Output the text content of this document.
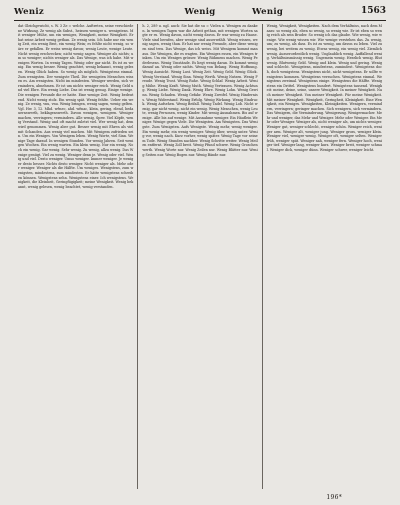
Weniz	Wenig	Wenig	1563

dat Gleichgewicht, s. W. 3 Ze = welche. Auftreten, seine verschiedene Wirkung. Ze wenig als Subst., heissen weniger u. wenigstens. Mit weniger Mühe, um ein weniges, Wenigkeit, meine Wenigkeit. Er hat seine Arbeit wenig gethan. Ze wenig sein. Ich habe nur ein wenig Zeit, ein wenig Brot, ein wenig Wein; es fehlte nicht wenig, so wäre er gefallen. Er weiss wenig davon; wenig Leute, wenige Leute. Nicht wenig erschrecken; nicht wenig sagen. Weniger als nichts; um so weniger; nichts weniger als. Das Wenige, was ich habe. Mit wenigen Worten. In wenig Tagen. Wenig oder gar nicht. Es ist zu wenig. Ein wenig besser. Wenig geachtet, wenig bekannt, wenig gelesen. Wenig Glück haben. So wenig als möglich. Wenigstens einmal. Zum wenigsten. Der wenigste Theil. Die wenigsten Menschen wissen es. Am wenigsten. Nicht im mindesten. Weniger werden, sich vermindern, abnehmen. Er ist um nichts weniger reich. Wenig Geld und viel Ehre. Ein wenig Liebe. Das ist wenig genug. Einige wenige. Die wenigen Freunde die er hatte. Eine wenige Zeit. Wenig bedeutend. Nicht wenig stolz. Ein wenig spät. Wenig fehlte. Ueber ein wenig. Ze wenig, vnu, vnu. Wenig bringen, wenig sagen, wenig gelten. Vgl. Hw. 3, 12. Mhd. wênec, ahd. wênac, klein, gering, elend, bedauernswerth, beklagenswerth. Davon wenigen, wenigern. Weniger machen, verringern; vermindern. Alle wenig, Sprw. Viel Köpfe, wenig Verstand. Wenig und oft macht zuletzt viel. Wer wenig hat, dem wird genommen. Wenig aber gut. Besser wenig mit Ehren als viel mit Schanden. Aus wenig viel machen. Mit Wenigem zufrieden sein. Um ein Weniges. Von Wenigem leben. Wenig Worte, viel Sinn. Wenige Tage darauf. In wenigen Stunden. Vor wenig Jahren. Seit wenigen Wochen. Ein wenig warten. Ein klein wenig. Nur ein wenig. Noch ein wenig. Gar wenig. Sehr wenig. Zu wenig, allzu wenig. Das Wenige genügt. Viel zu wenig. Weniger denn je. Wenig oder viel. Wenig und viel. Desto weniger. Umso weniger. Immer weniger. Je weniger desto besser. Nichts desto weniger. Nicht weniger als. Mehr oder weniger. Weniger als die Hälfte. Um weniges. Wenigstens, zum wenigsten, mindestens, zum mindesten. Er hätte wenigstens schreiben können. Wenigstens zehn. Wenigstens einer. Ich wenigstens. Wenigkeit, die Kleinheit, Geringfügigkeit; meine Wenigkeit. Wenig bekannt, wenig gelesen, wenig beachtet, wenig verstanden.

h. 2, 289 u. ngl. auch: Sie hat die su = Vielen u. Wenigen zu danken. In wenigen Tagen war die Arbeit gethan, mit wenigen Worten sagte er es. Wenig davon, nicht wenig davon. Er war wenig zu Hause. Viele sind berufen, aber wenige sind auserwählt. Wenig wissen, wenig sagen, wenig thun. Er hat nur wenig Freunde, aber diese wenigen sind treu. Das Wenige, das ich weiss. Mit Wenigem kommt man aus. Die Wenigen, die es wagten. Ein Weniges essen, ein Weniges trinken. Um ein Weniges grösser. Wenig Rühmens machen. Wenig Federlesens. Wenig Umstände. Es liegt wenig daran. Es kommt wenig darauf an. Wenig oder nichts. Wenig von Belang. Wenig Hoffnung. Wenig Aussicht. Wenig Lust. Wenig Zeit. Wenig Geld. Wenig Glück. Wenig Verstand. Wenig Sinn. Wenig Werth. Wenig Nutzen. Wenig Freude. Wenig Trost. Wenig Ruhe. Wenig Schlaf. Wenig Arbeit. Wenig Mühe. Wenig Kraft. Wenig Muth. Wenig Vertrauen. Wenig Achtung. Wenig Liebe. Wenig Dank. Wenig Ehre. Wenig Lohn. Wenig Gewinn. Wenig Schaden. Wenig Gefahr. Wenig Zweifel. Wenig Hinderniss. Wenig Widerstand. Wenig Erfolg. Wenig Wirkung. Wenig Eindruck. Wenig Aufsehen. Wenig Beifall. Wenig Tadel. Wenig Lob. Nicht wenig, gar nicht wenig, nicht ein wenig. Wenig Menschen, wenig Leute, wenig Personen, wenig Kinder. Mit wenig Ausnahmen. Bis auf wenige. Alle bis auf wenige. Mit Ausnahme weniger. Ein Häuflein Weniger. Wenige gegen Viele. Die Wenigsten. Am Wenigsten. Das Wenigste. Zum Wenigsten. Aufs Wenigste. Wenig mehr, wenig weniger. Ein wenig mehr, ein wenig weniger. Wenig über, wenig unter. Wenig vor, wenig nach. Kurz vorher, wenig später. Wenig Tage vor seinem Tode. Wenig Stunden nachher. Wenig Schritte weiter. Wenig Meilen entfernt. Wenig Zoll breit. Wenig Pfund schwer. Wenig Groschen werth. Wenig Worte nur. Wenig Zeilen nur. Wenig Blätter nur. Wenig Seiten nur. Wenig Bogen nur. Wenig Bände nur.

Wenig, Wenigkeit, Wenigkeiten. Nach dem Verhältniss, nach dem Maass: so wenig als, eben so wenig, so wenig wie. Er ist eben so wenig reich als sein Bruder. So wenig ich das glaube. Wie wenig, wie wenige. Wie wenig wissen wir. Wie wenige verstehen das. Zu wenig, um; zu wenig, als dass. Es ist zu wenig, um davon zu leben. Viel zu wenig, bei weitem zu wenig. Etwas wenig, ein wenig viel. Ziemlich wenig. Ausserordentlich wenig. Unglaublich wenig. Auffallend wenig. Verhältnissmässig wenig. Ungemein wenig. Herzlich wenig. Blutwenig. Blutwenig Geld. Wenig und klein. Wenig und gering. Wenig und schlecht. Wenigstens, mindestens, zumindest. Wenigstens doch, doch wenigstens. Wenigstens nicht, nicht wenigstens. Er sollte wenigstens kommen. Wenigstens versuchen. Wenigstens einmal. Wenigstens zweimal. Wenigstens einige. Wenigstens die Hälfte. Wenigstens ein Drittel. Wenigstens hundert. Wenigstens tausend. Wenigkeit: meine, deine, seine, unsere Wenigkeit. In meiner Wenigkeit. Nach meiner Wenigkeit. Von meiner Wenigkeit. Für meine Wenigkeit. Mit meiner Wenigkeit. Wenigkeit, Geringheit, Kleinigkeit. Eine Wenigkeit, ein Weniges. Wenigkeiten, Kleinigkeiten. Wenigern, vermindern, verringern; geringer machen. Sich wenigern, sich vermindern. Das Wenigern, die Verminderung. Wenigerung. Wenigermacher. Mehr und weniger, das Mehr und Weniger. Mehr oder Weniger. Ein Mehr oder Weniger. Weniger als, nicht weniger als, um nichts weniger. Weniger gut, weniger schlecht, weniger schön. Weniger reich, weniger arm. Weniger alt, weniger jung. Weniger gross, weniger klein. Weniger viel, weniger wenig. Weniger oft, weniger selten. Weniger früh, weniger spät. Weniger nah, weniger fern. Weniger hoch, weniger tief. Weniger lang, weniger kurz. Weniger breit, weniger schmal. Weniger dick, weniger dünn. Weniger schwer, weniger leicht.

196*
